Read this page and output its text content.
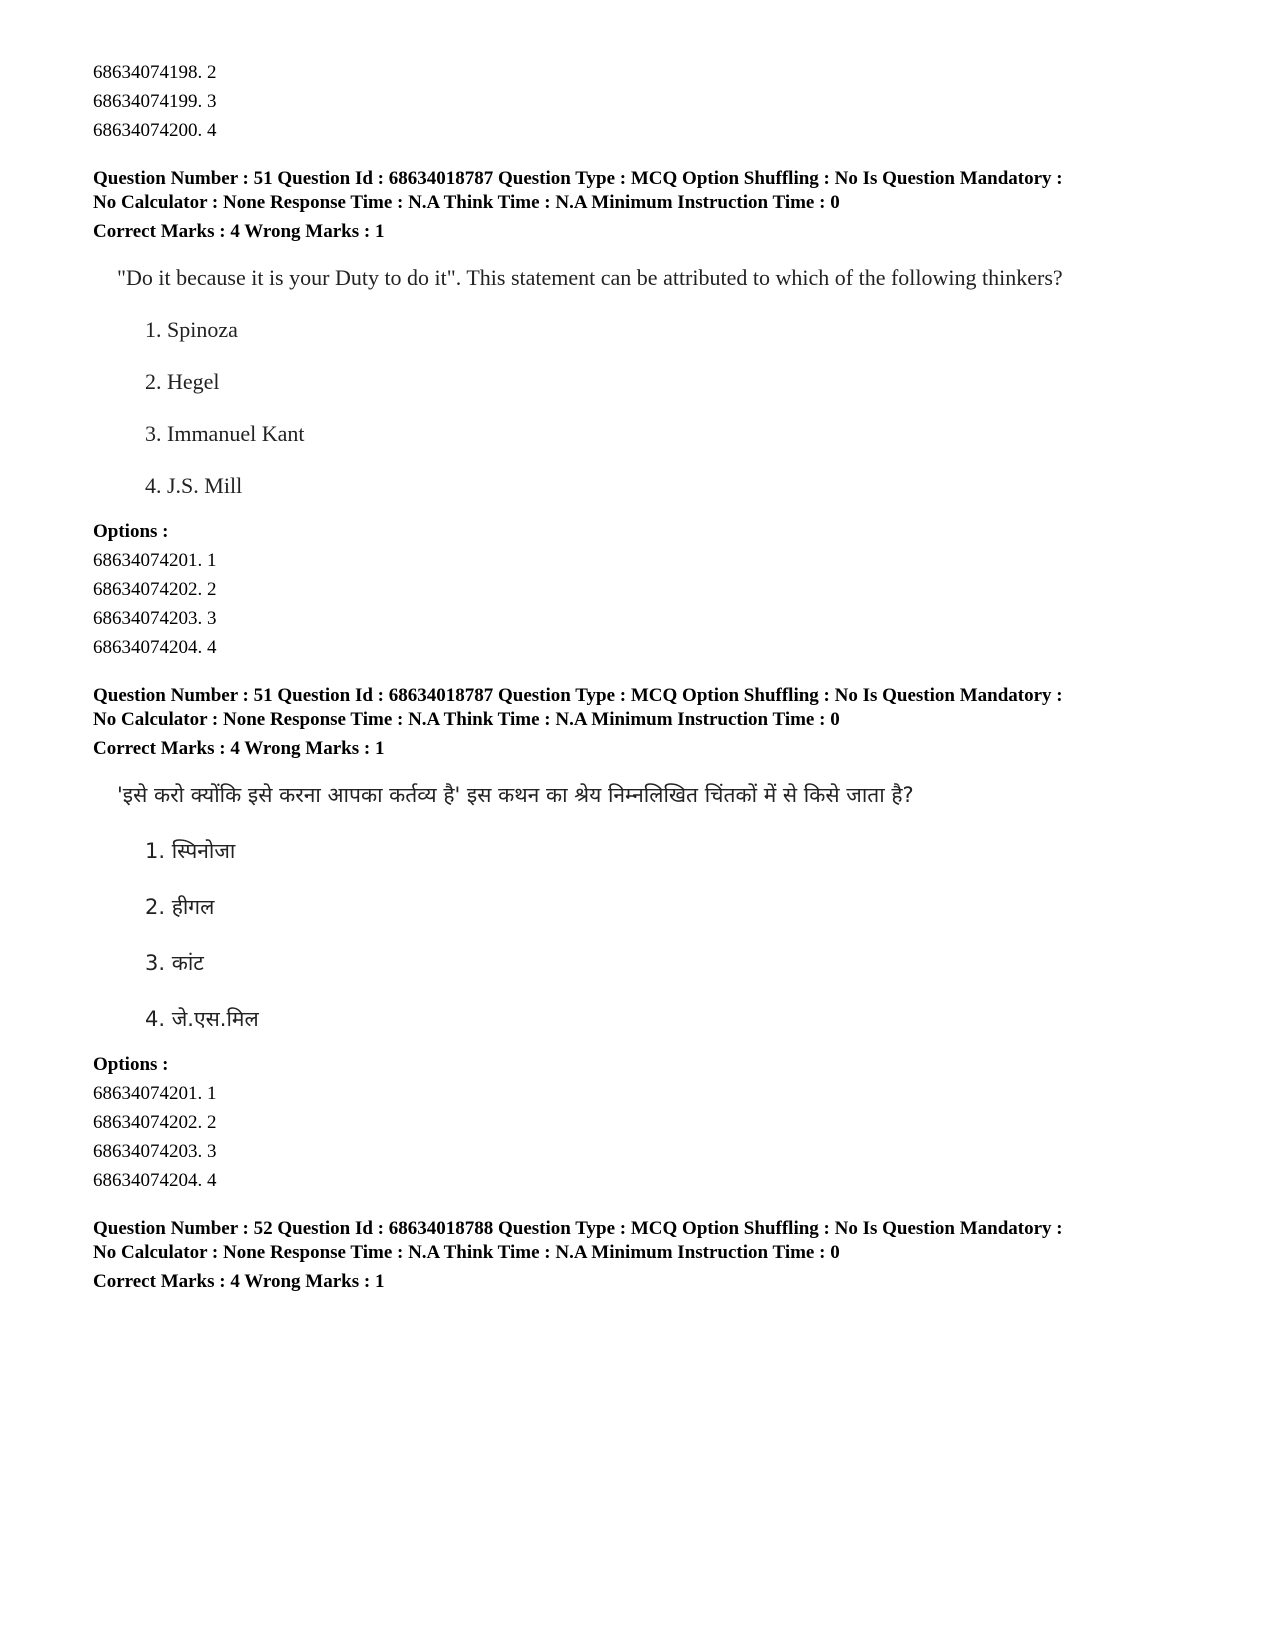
68634074198. 2
68634074199. 3
68634074200. 4
Question Number : 51 Question Id : 68634018787 Question Type : MCQ Option Shuffling : No Is Question Mandatory :
No Calculator : None Response Time : N.A Think Time : N.A Minimum Instruction Time : 0
Correct Marks : 4 Wrong Marks : 1
"Do it because it is your Duty to do it". This statement can be attributed to which of the following thinkers?
1. Spinoza
2. Hegel
3. Immanuel Kant
4. J.S. Mill
Options :
68634074201. 1
68634074202. 2
68634074203. 3
68634074204. 4
Question Number : 51 Question Id : 68634018787 Question Type : MCQ Option Shuffling : No Is Question Mandatory :
No Calculator : None Response Time : N.A Think Time : N.A Minimum Instruction Time : 0
Correct Marks : 4 Wrong Marks : 1
'इसे करो क्योंकि इसे करना आपका कर्तव्य है' इस कथन का श्रेय निम्नलिखित चिंतकों में से किसे जाता है?
1. स्पिनोजा
2. हीगल
3. कांट
4. जे.एस.मिल
Options :
68634074201. 1
68634074202. 2
68634074203. 3
68634074204. 4
Question Number : 52 Question Id : 68634018788 Question Type : MCQ Option Shuffling : No Is Question Mandatory :
No Calculator : None Response Time : N.A Think Time : N.A Minimum Instruction Time : 0
Correct Marks : 4 Wrong Marks : 1
